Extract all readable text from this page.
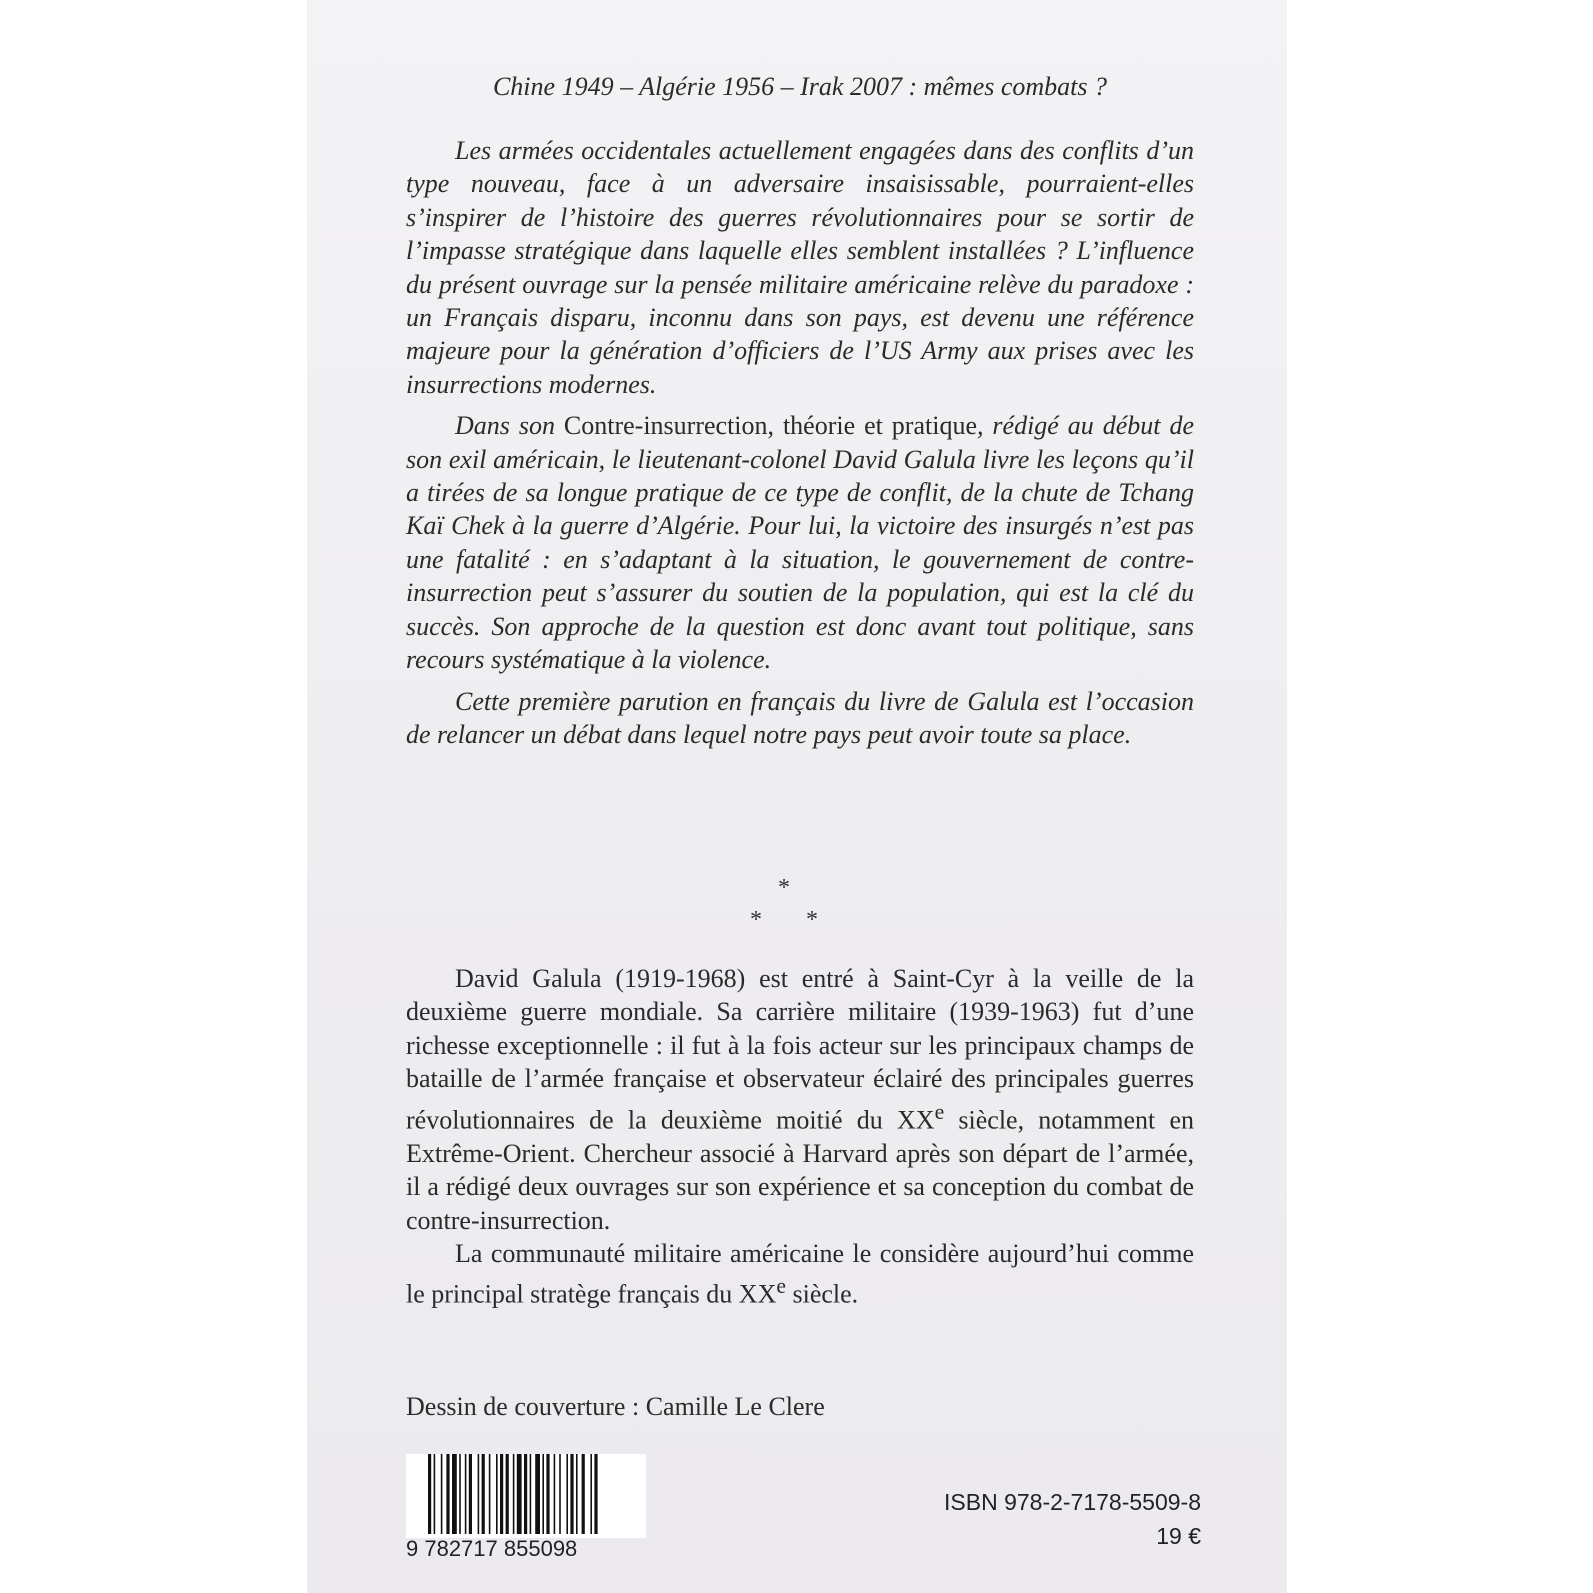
Chine 1949 – Algérie 1956 – Irak 2007 : mêmes combats ?

Les armées occidentales actuellement engagées dans des conflits d’un type nouveau, face à un adversaire insaisissable, pourraient-elles s’inspirer de l’histoire des guerres révolutionnaires pour se sortir de l’impasse stratégique dans laquelle elles semblent installées ? L’influence du présent ouvrage sur la pensée militaire américaine relève du paradoxe : un Français disparu, inconnu dans son pays, est devenu une référence majeure pour la génération d’officiers de l’US Army aux prises avec les insurrections modernes.

Dans son Contre-insurrection, théorie et pratique, rédigé au début de son exil américain, le lieutenant-colonel David Galula livre les leçons qu’il a tirées de sa longue pratique de ce type de conflit, de la chute de Tchang Kaï Chek à la guerre d’Algérie. Pour lui, la victoire des insurgés n’est pas une fatalité : en s’adaptant à la situation, le gouvernement de contre-insurrection peut s’assurer du soutien de la population, qui est la clé du succès. Son approche de la question est donc avant tout politique, sans recours systématique à la violence.

Cette première parution en français du livre de Galula est l’occasion de relancer un débat dans lequel notre pays peut avoir toute sa place.

*
* *

David Galula (1919-1968) est entré à Saint-Cyr à la veille de la deuxième guerre mondiale. Sa carrière militaire (1939-1963) fut d’une richesse exceptionnelle : il fut à la fois acteur sur les principaux champs de bataille de l’armée française et observateur éclairé des principales guerres révolutionnaires de la deuxième moitié du XXe siècle, notamment en Extrême-Orient. Chercheur associé à Harvard après son départ de l’armée, il a rédigé deux ouvrages sur son expérience et sa conception du combat de contre-insurrection.

La communauté militaire américaine le considère aujourd’hui comme le principal stratège français du XXe siècle.

Dessin de couverture : Camille Le Clere
9 782717 855098
ISBN 978-2-7178-5509-8
19 €
